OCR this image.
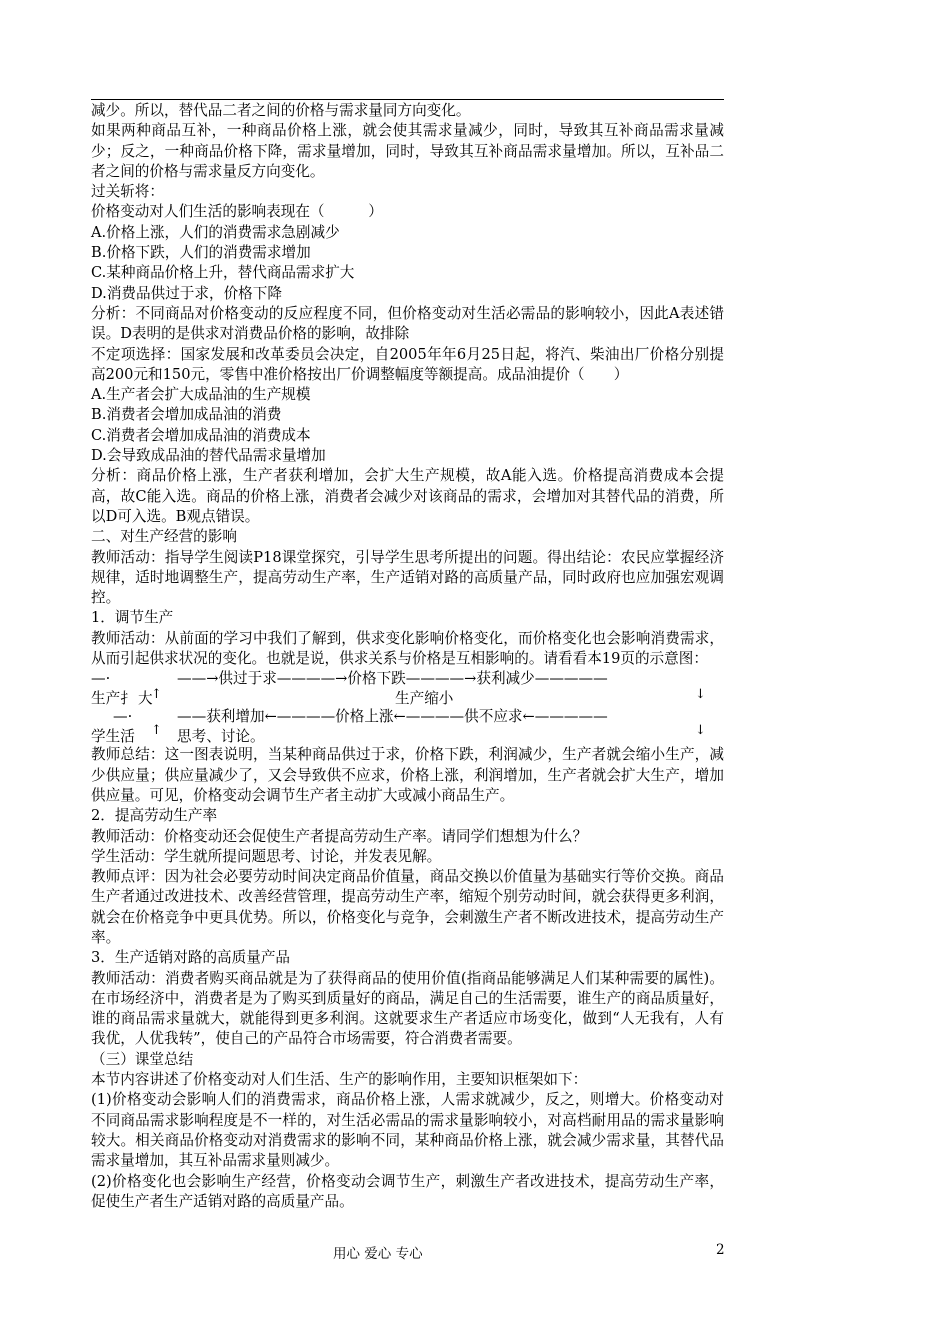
减少。所以，替代品二者之间的价格与需求量同方向变化。

如果两种商品互补，一种商品价格上涨，就会使其需求量减少，同时，导致其互补商品需求量减少；反之，一种商品价格下降，需求量增加，同时，导致其互补商品需求量增加。所以，互补品二者之间的价格与需求量反方向变化。

过关斩将：

价格变动对人们生活的影响表现在（　　　）

A.价格上涨，人们的消费需求急剧减少

B.价格下跌，人们的消费需求增加

C.某种商品价格上升，替代商品需求扩大

D.消费品供过于求，价格下降

分析：不同商品对价格变动的反应程度不同，但价格变动对生活必需品的影响较小，因此A表述错误。D表明的是供求对消费品价格的影响，故排除

不定项选择：国家发展和改革委员会决定，自2005年年6月25日起，将汽、柴油出厂价格分别提高200元和150元，零售中准价格按出厂价调整幅度等额提高。成品油提价（　　）

A.生产者会扩大成品油的生产规模

B.消费者会增加成品油的消费

C.消费者会增加成品油的消费成本

D.会导致成品油的替代品需求量增加

分析：商品价格上涨，生产者获利增加，会扩大生产规模，故A能入选。价格提高消费成本会提高，故C能入选。商品的价格上涨，消费者会减少对该商品的需求，会增加对其替代品的消费，所以D可入选。B观点错误。

二、对生产经营的影响

教师活动：指导学生阅读P18课堂探究，引导学生思考所提出的问题。得出结论：农民应掌握经济规律，适时地调整生产，提高劳动生产率，生产适销对路的高质量产品，同时政府也应加强宏观调控。

1．调节生产

教师活动：从前面的学习中我们了解到，供求变化影响价格变化，而价格变化也会影响消费需求，从而引起供求状况的变化。也就是说，供求关系与价格是互相影响的。请看看本19页的示意图：

—·	——→供过于求————→价格下跌————→获利减少—————
生产扌 大
↑	生产缩小	↓
—·	——获利增加←————价格上涨←————供不应求←—————
↑	↓
学生活	思考、讨论。

教师总结：这一图表说明，当某种商品供过于求，价格下跌，利润减少，生产者就会缩小生产，减少供应量；供应量减少了，又会导致供不应求，价格上涨，利润增加，生产者就会扩大生产，增加供应量。可见，价格变动会调节生产者主动扩大或减小商品生产。

2．提高劳动生产率

教师活动：价格变动还会促使生产者提高劳动生产率。请同学们想想为什么？

学生活动：学生就所提问题思考、讨论，并发表见解。

教师点评：因为社会必要劳动时间决定商品价值量，商品交换以价值量为基础实行等价交换。商品生产者通过改进技术、改善经营管理，提高劳动生产率，缩短个别劳动时间，就会获得更多利润，就会在价格竞争中更具优势。所以，价格变化与竞争，会刺激生产者不断改进技术，提高劳动生产率。

3．生产适销对路的高质量产品

教师活动：消费者购买商品就是为了获得商品的使用价值(指商品能够满足人们某种需要的属性)。在市场经济中，消费者是为了购买到质量好的商品，满足自己的生活需要，谁生产的商品质量好，谁的商品需求量就大，就能得到更多利润。这就要求生产者适应市场变化，做到“人无我有，人有我优，人优我转”，使自己的产品符合市场需要，符合消费者需要。

（三）课堂总结

本节内容讲述了价格变动对人们生活、生产的影响作用，主要知识框架如下：

(1)价格变动会影响人们的消费需求，商品价格上涨，人需求就减少，反之，则增大。价格变动对不同商品需求影响程度是不一样的，对生活必需品的需求量影响较小，对高档耐用品的需求量影响较大。相关商品价格变动对消费需求的影响不同，某种商品价格上涨，就会减少需求量，其替代品需求量增加，其互补品需求量则减少。

(2)价格变化也会影响生产经营，价格变动会调节生产，刺激生产者改进技术，提高劳动生产率，促使生产者生产适销对路的高质量产品。

用心 爱心 专心	2
